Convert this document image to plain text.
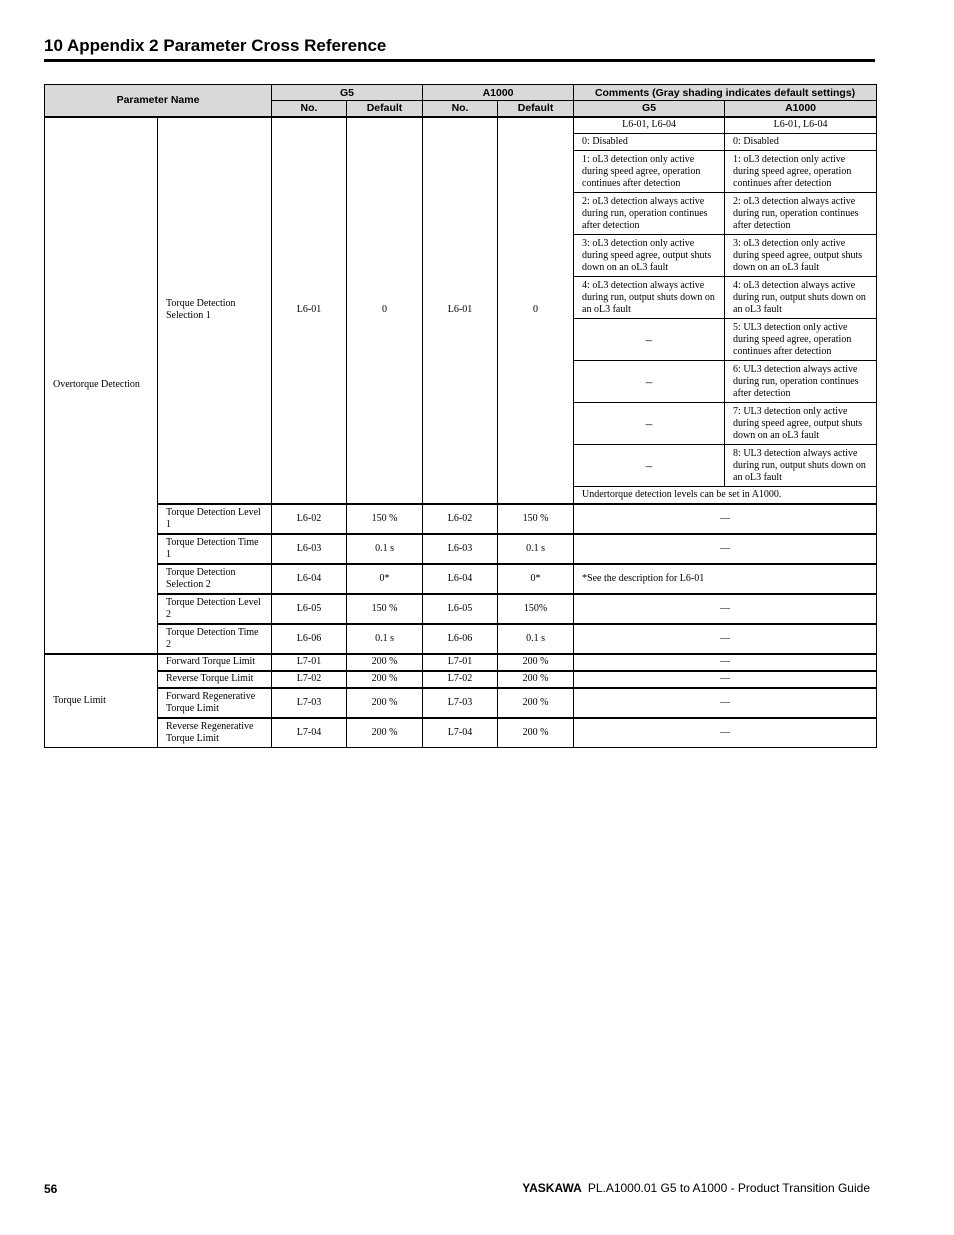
10 Appendix 2 Parameter Cross Reference
Parameter Name		G5		A1000		Comments (Gray shading indicates default settings)	
		No.	Default	No.	Default	G5	A1000
Overtorque Detection	Torque Detection Selection 1	L6-01	0	L6-01	0	L6-01, L6-04	L6-01, L6-04
						0: Disabled	0: Disabled
						1: oL3 detection only active during speed agree, operation continues after detection	1: oL3 detection only active during speed agree, operation continues after detection
						2: oL3 detection always active during run, operation continues after detection	2: oL3 detection always active during run, operation continues after detection
						3: oL3 detection only active during speed agree, output shuts down on an oL3 fault	3: oL3 detection only active during speed agree, output shuts down on an oL3 fault
						4: oL3 detection always active during run, output shuts down on an oL3 fault	4: oL3 detection always active during run, output shuts down on an oL3 fault
						–	5: UL3 detection only active during speed agree, operation continues after detection
						–	6: UL3 detection always active during run, operation continues after detection
						–	7: UL3 detection only active during speed agree, output shuts down on an oL3 fault
						–	8: UL3 detection always active during run, output shuts down on an oL3 fault
						Undertorque detection levels can be set in A1000.	
	Torque Detection Level 1	L6-02	150 %	L6-02	150 %	—	
	Torque Detection Time 1	L6-03	0.1 s	L6-03	0.1 s	—	
	Torque Detection Selection 2	L6-04	0*	L6-04	0*	*See the description for L6-01	
	Torque Detection Level 2	L6-05	150 %	L6-05	150%	—	
	Torque Detection Time 2	L6-06	0.1 s	L6-06	0.1 s	—	
Torque Limit	Forward Torque Limit	L7-01	200 %	L7-01	200 %	—	
	Reverse Torque Limit	L7-02	200 %	L7-02	200 %	—	
	Forward Regenerative Torque Limit	L7-03	200 %	L7-03	200 %	—	
	Reverse Regenerative Torque Limit	L7-04	200 %	L7-04	200 %	—	
56	YASKAWA PL.A1000.01 G5 to A1000 - Product Transition Guide
